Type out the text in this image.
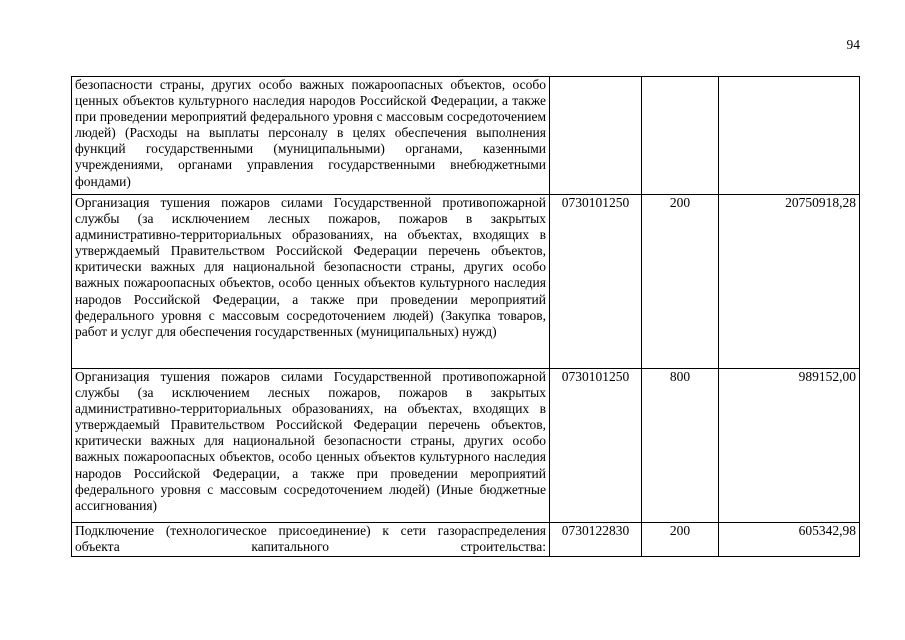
94
безопасности страны, других особо важных пожароопасных объектов, особо ценных объектов культурного наследия народов Российской Федерации, а также при проведении мероприятий федерального уровня с массовым сосредоточением людей) (Расходы на выплаты персоналу в целях обеспечения выполнения функций государственными (муниципальными) органами, казенными учреждениями, органами управления государственными внебюджетными фондами)			
Организация тушения пожаров силами Государственной противопожарной службы (за исключением лесных пожаров, пожаров в закрытых административно-территориальных образованиях, на объектах, входящих в утверждаемый Правительством Российской Федерации перечень объектов, критически важных для национальной безопасности страны, других особо важных пожароопасных объектов, особо ценных объектов культурного наследия народов Российской Федерации, а также при проведении мероприятий федерального уровня с массовым сосредоточением людей) (Закупка товаров, работ и услуг для обеспечения государственных (муниципальных) нужд)	0730101250	200	20750918,28
Организация тушения пожаров силами Государственной противопожарной службы (за исключением лесных пожаров, пожаров в закрытых административно-территориальных образованиях, на объектах, входящих в утверждаемый Правительством Российской Федерации перечень объектов, критически важных для национальной безопасности страны, других особо важных пожароопасных объектов, особо ценных объектов культурного наследия народов Российской Федерации, а также при проведении мероприятий федерального уровня с массовым сосредоточением людей) (Иные бюджетные ассигнования)	0730101250	800	989152,00

Подключение (технологическое присоединение) к сети газораспределения объекта капитального строительства:	0730122830	200	605342,98
